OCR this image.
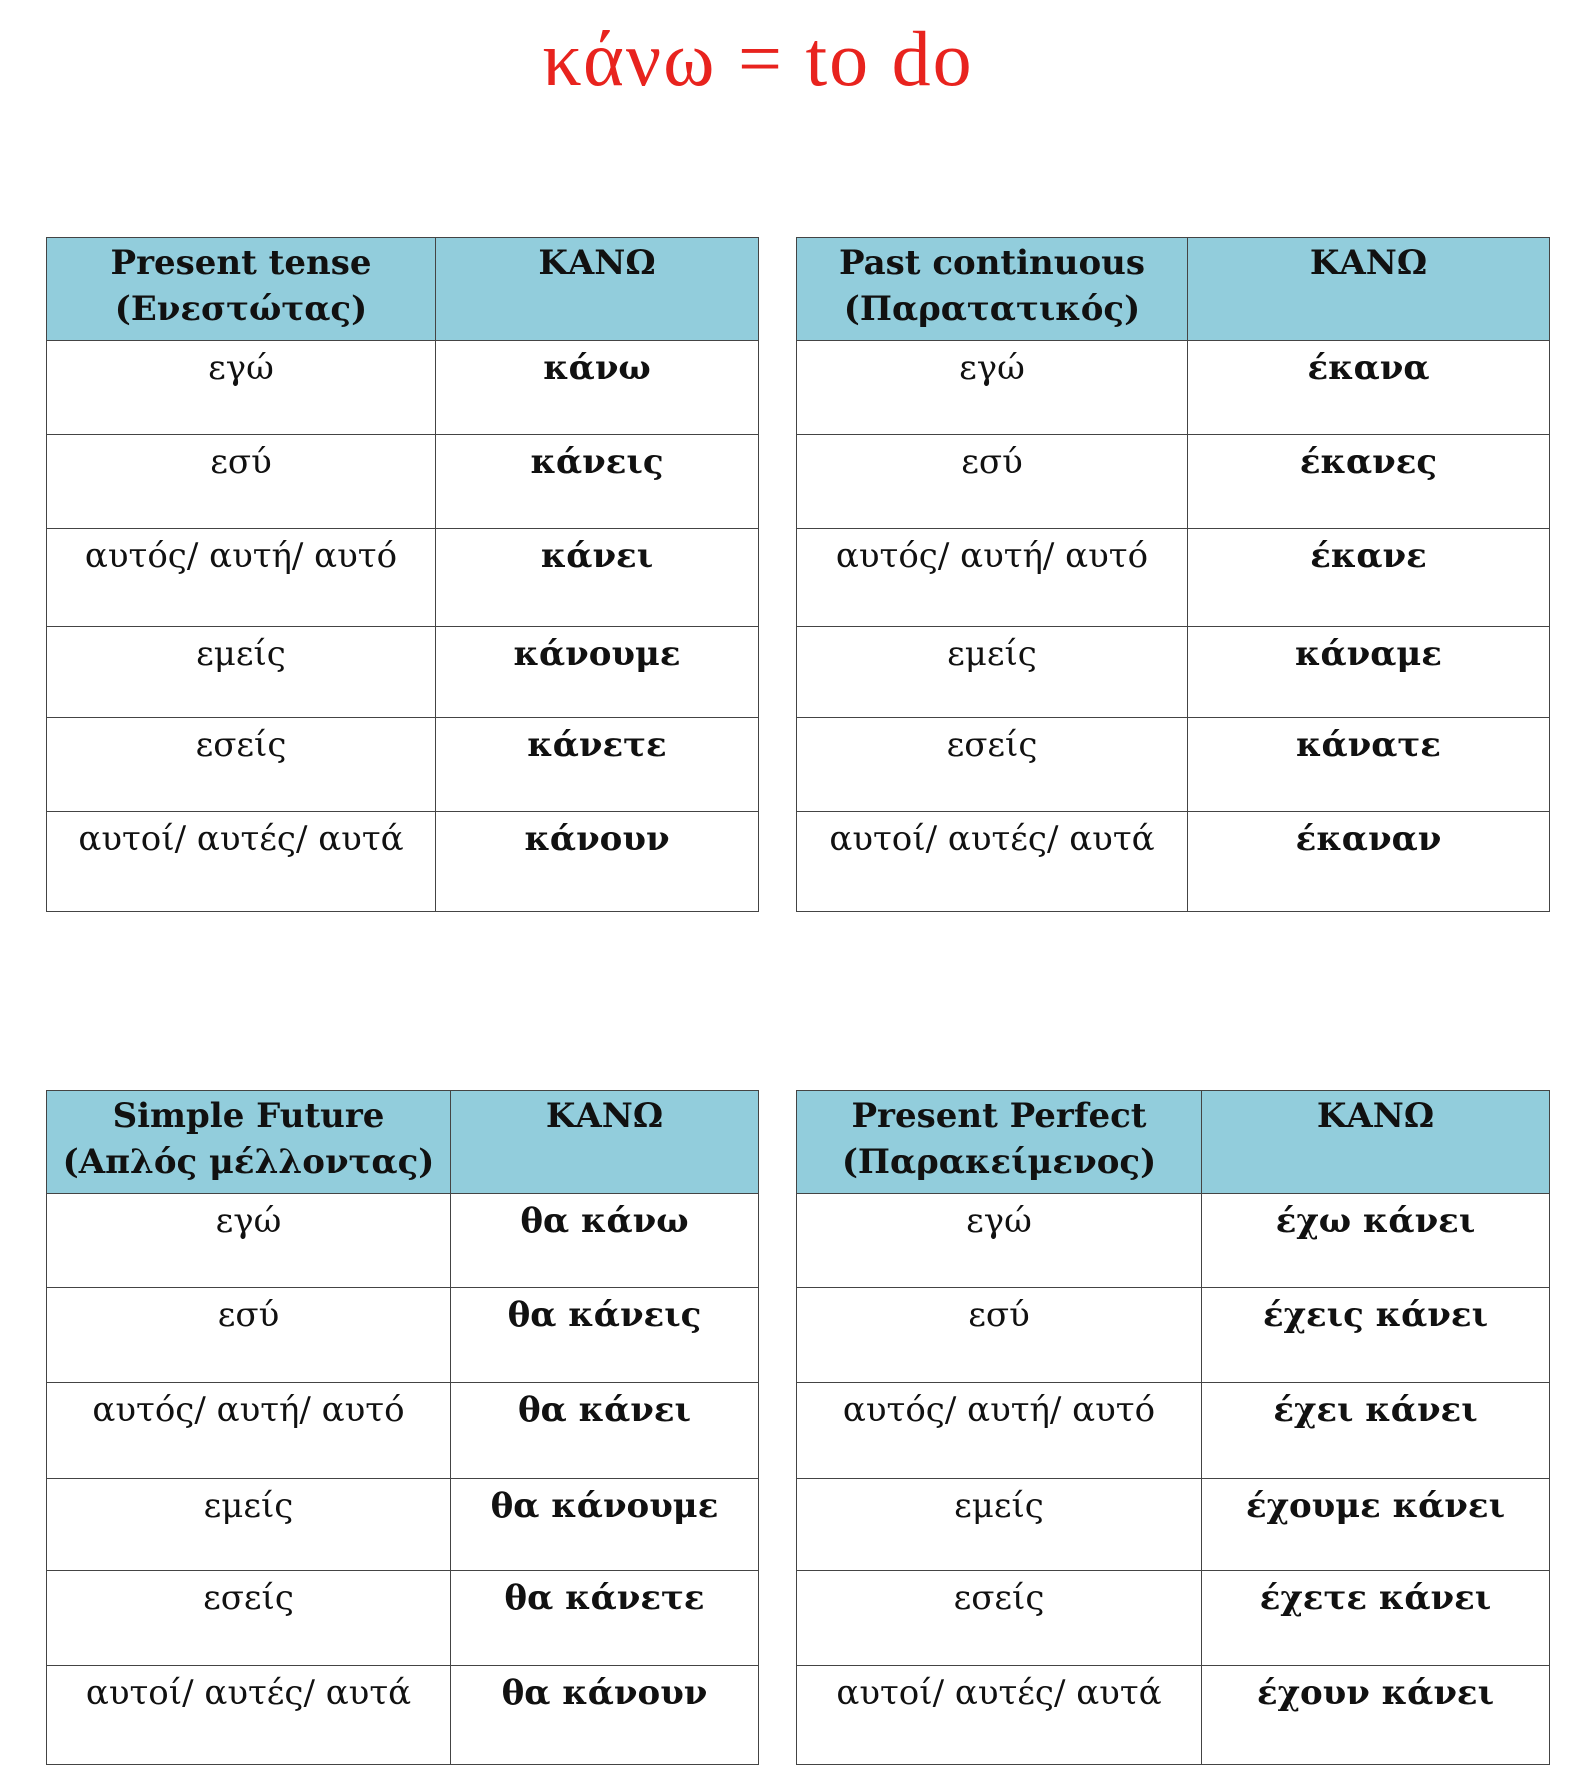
κάνω = to do
Present tense
(Ενεστώτας)	ΚΑΝΩ
εγώ	κάνω
εσύ	κάνεις
αυτός/ αυτή/ αυτό	κάνει
εμείς	κάνουμε
εσείς	κάνετε
αυτοί/ αυτές/ αυτά	κάνουν
Past continuous
(Παρατατικός)	ΚΑΝΩ
εγώ	έκανα
εσύ	έκανες
αυτός/ αυτή/ αυτό	έκανε
εμείς	κάναμε
εσείς	κάνατε
αυτοί/ αυτές/ αυτά	έκαναν
Simple Future
(Απλός μέλλοντας)	ΚΑΝΩ
εγώ	θα κάνω
εσύ	θα κάνεις
αυτός/ αυτή/ αυτό	θα κάνει
εμείς	θα κάνουμε
εσείς	θα κάνετε
αυτοί/ αυτές/ αυτά	θα κάνουν
Present Perfect
(Παρακείμενος)	ΚΑΝΩ
εγώ	έχω κάνει
εσύ	έχεις κάνει
αυτός/ αυτή/ αυτό	έχει κάνει
εμείς	έχουμε κάνει
εσείς	έχετε κάνει
αυτοί/ αυτές/ αυτά	έχουν κάνει
